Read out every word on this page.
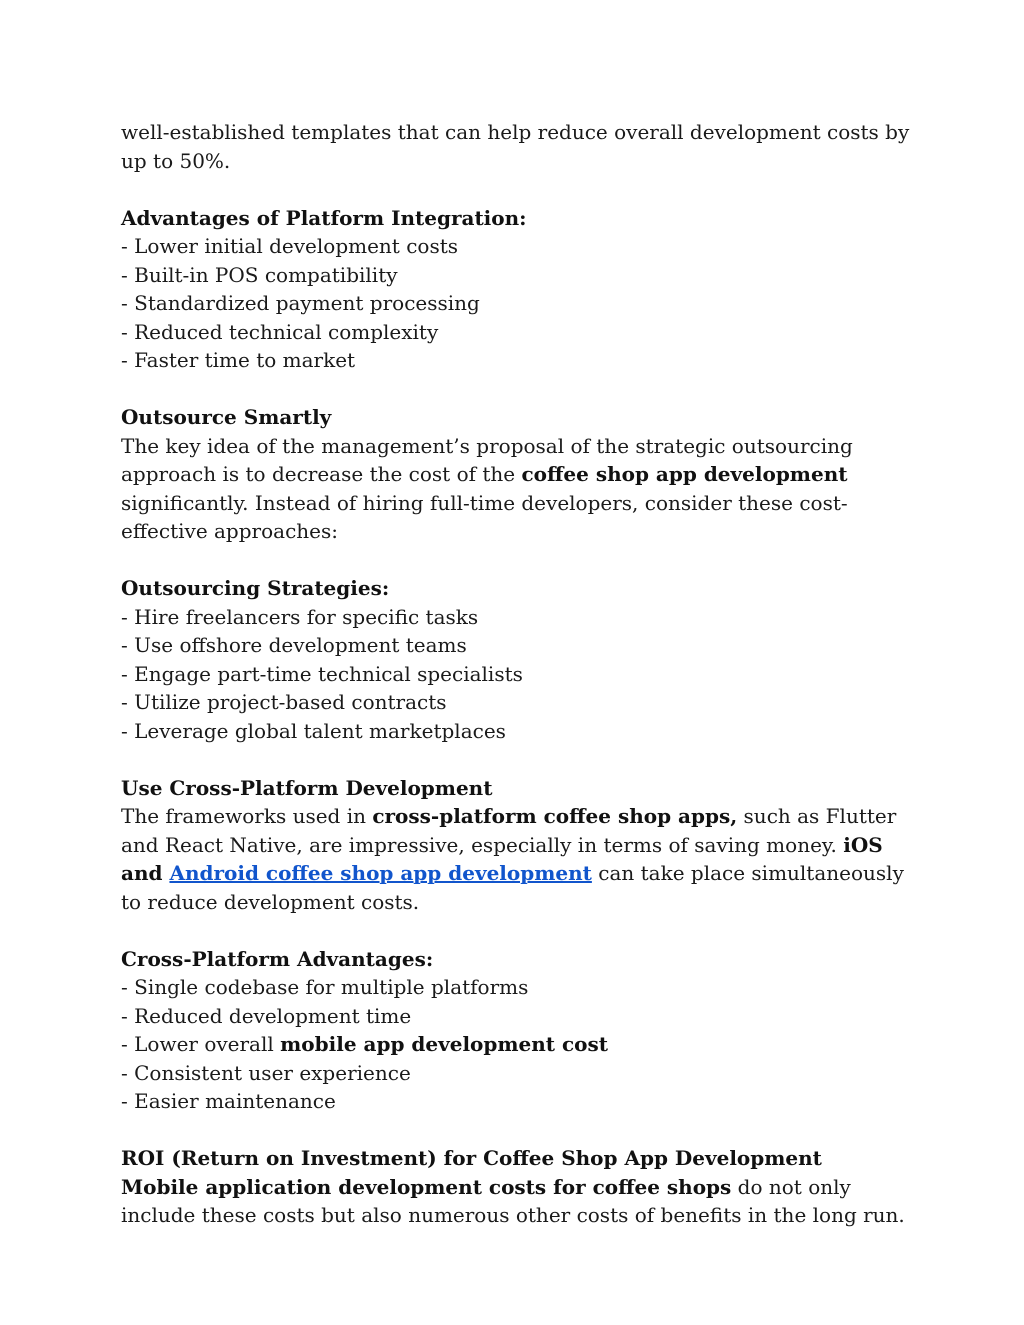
well-established templates that can help reduce overall development costs by up to 50%.

Advantages of Platform Integration:

- Lower initial development costs
- Built-in POS compatibility
- Standardized payment processing
- Reduced technical complexity
- Faster time to market

Outsource Smartly

The key idea of the management’s proposal of the strategic outsourcing approach is to decrease the cost of the coffee shop app development significantly. Instead of hiring full-time developers, consider these cost-effective approaches:

Outsourcing Strategies:

- Hire freelancers for specific tasks
- Use offshore development teams
- Engage part-time technical specialists
- Utilize project-based contracts
- Leverage global talent marketplaces

Use Cross-Platform Development

The frameworks used in cross-platform coffee shop apps, such as Flutter and React Native, are impressive, especially in terms of saving money. iOS and Android coffee shop app development can take place simultaneously to reduce development costs.

Cross-Platform Advantages:

- Single codebase for multiple platforms
- Reduced development time
- Lower overall mobile app development cost
- Consistent user experience
- Easier maintenance

ROI (Return on Investment) for Coffee Shop App Development

Mobile application development costs for coffee shops do not only include these costs but also numerous other costs of benefits in the long run.
